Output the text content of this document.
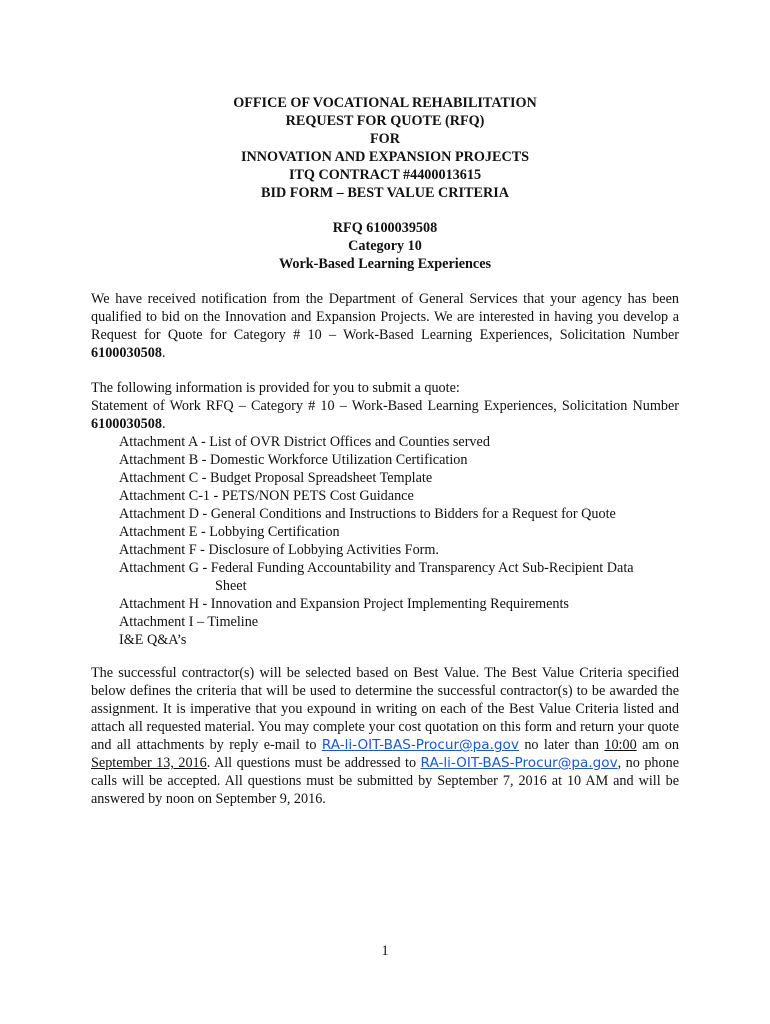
OFFICE OF VOCATIONAL REHABILITATION
REQUEST FOR QUOTE (RFQ)
FOR
INNOVATION AND EXPANSION PROJECTS
ITQ CONTRACT #4400013615
BID FORM – BEST VALUE CRITERIA
RFQ 6100039508
Category 10
Work-Based Learning Experiences
We have received notification from the Department of General Services that your agency has been qualified to bid on the Innovation and Expansion Projects. We are interested in having you develop a Request for Quote for Category # 10 – Work-Based Learning Experiences, Solicitation Number 6100030508.
The following information is provided for you to submit a quote:
Statement of Work RFQ – Category # 10 – Work-Based Learning Experiences, Solicitation Number 6100030508.
Attachment A - List of OVR District Offices and Counties served
Attachment B - Domestic Workforce Utilization Certification
Attachment C - Budget Proposal Spreadsheet Template
Attachment C-1 - PETS/NON PETS Cost Guidance
Attachment D - General Conditions and Instructions to Bidders for a Request for Quote
Attachment E - Lobbying Certification
Attachment F - Disclosure of Lobbying Activities Form.
Attachment G - Federal Funding Accountability and Transparency Act Sub-Recipient Data
Sheet
Attachment H - Innovation and Expansion Project Implementing Requirements
Attachment I – Timeline
I&E Q&A’s
The successful contractor(s) will be selected based on Best Value. The Best Value Criteria specified below defines the criteria that will be used to determine the successful contractor(s) to be awarded the assignment. It is imperative that you expound in writing on each of the Best Value Criteria listed and attach all requested material. You may complete your cost quotation on this form and return your quote and all attachments by reply e-mail to RA-li-OIT-BAS-Procur@pa.gov no later than 10:00 am on September 13, 2016. All questions must be addressed to RA-li-OIT-BAS-Procur@pa.gov, no phone calls will be accepted. All questions must be submitted by September 7, 2016 at 10 AM and will be answered by noon on September 9, 2016.
1
